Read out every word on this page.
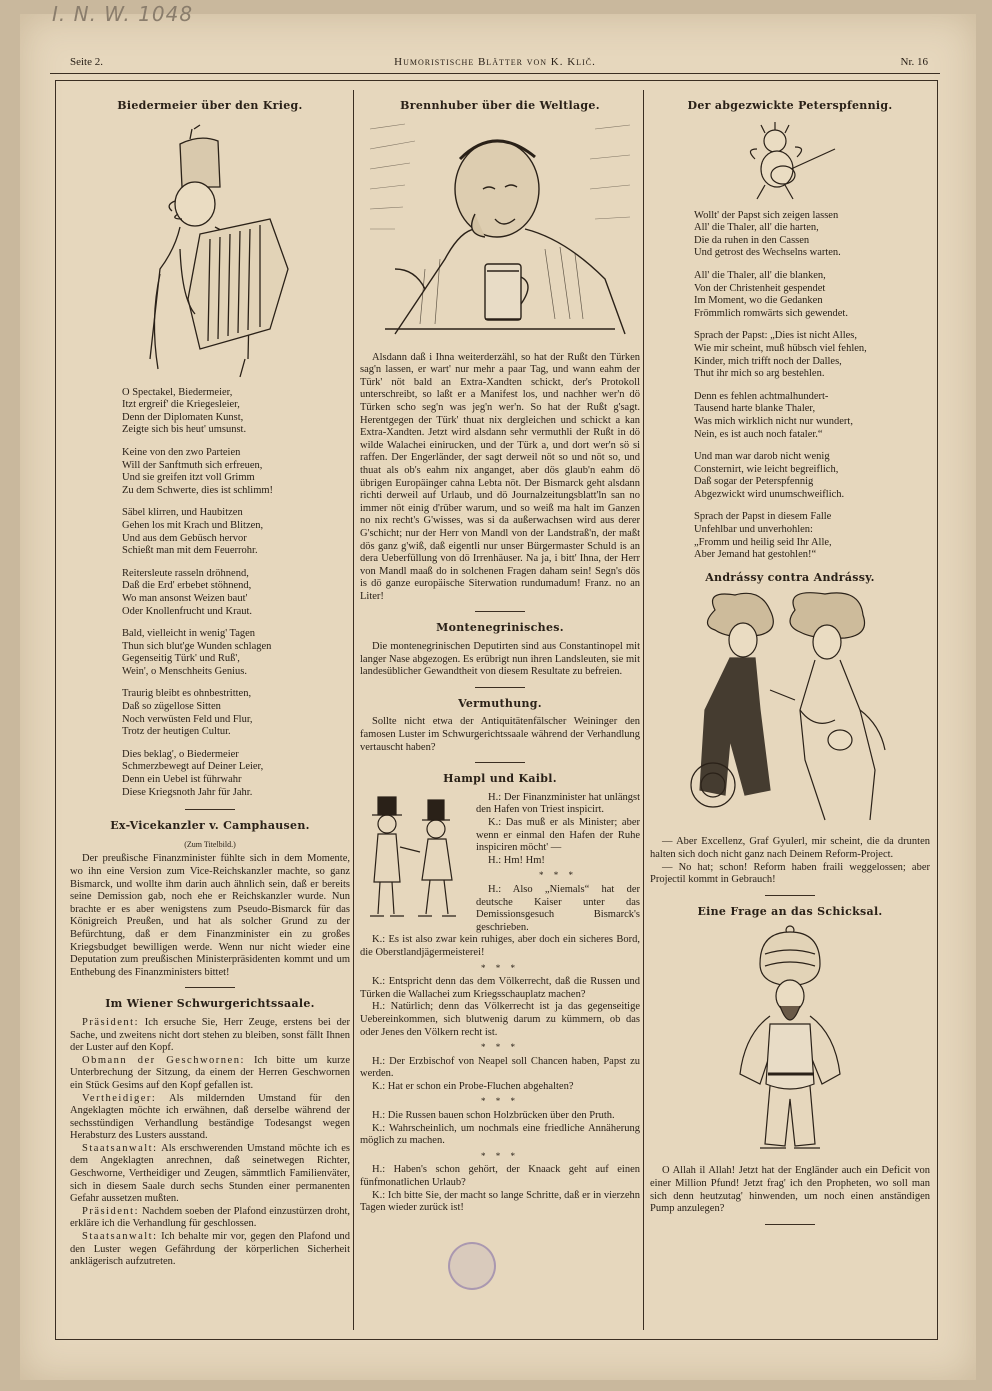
I. N. W. 1048
Seite 2.	Humoristische Blätter von K. Klič.	Nr. 16
Biedermeier über den Krieg.

O Spectakel, Biedermeier,

Itzt ergreif' die Kriegesleier,

Denn der Diplomaten Kunst,

Zeigte sich bis heut' umsunst.

Keine von den zwo Parteien

Will der Sanftmuth sich erfreuen,

Und sie greifen itzt voll Grimm

Zu dem Schwerte, dies ist schlimm!

Säbel klirren, und Haubitzen

Gehen los mit Krach und Blitzen,

Und aus dem Gebüsch hervor

Schießt man mit dem Feuerrohr.

Reitersleute rasseln dröhnend,

Daß die Erd' erbebet stöhnend,

Wo man ansonst Weizen baut'

Oder Knollenfrucht und Kraut.

Bald, vielleicht in wenig' Tagen

Thun sich blut'ge Wunden schlagen

Gegenseitig Türk' und Ruß',

Wein', o Menschheits Genius.

Traurig bleibt es ohnbestritten,

Daß so zügellose Sitten

Noch verwüsten Feld und Flur,

Trotz der heutigen Cultur.

Dies beklag', o Biedermeier

Schmerzbewegt auf Deiner Leier,

Denn ein Uebel ist führwahr

Diese Kriegsnoth Jahr für Jahr.

Ex-Vicekanzler v. Camphausen.
(Zum Titelbild.)

Der preußische Finanzminister fühlte sich in dem Momente, wo ihn eine Version zum Vice-Reichskanzler machte, so ganz Bismarck, und wollte ihm darin auch ähnlich sein, daß er bereits seine Demission gab, noch ehe er Reichskanzler wurde. Nun brachte er es aber wenigstens zum Pseudo-Bismarck für das Königreich Preußen, und hat als solcher Grund zu der Befürchtung, daß er dem Finanzminister ein zu großes Kriegsbudget bewilligen werde. Wenn nur nicht wieder eine Deputation zum preußischen Ministerpräsidenten kommt und um Enthebung des Finanzministers bittet!

Im Wiener Schwurgerichtssaale.

Präsident: Ich ersuche Sie, Herr Zeuge, erstens bei der Sache, und zweitens nicht dort stehen zu bleiben, sonst fällt Ihnen der Luster auf den Kopf.

Obmann der Geschwornen: Ich bitte um kurze Unterbrechung der Sitzung, da einem der Herren Geschwornen ein Stück Gesims auf den Kopf gefallen ist.

Vertheidiger: Als mildernden Umstand für den Angeklagten möchte ich erwähnen, daß derselbe während der sechsstündigen Verhandlung beständige Todesangst wegen Herabsturz des Lusters ausstand.

Staatsanwalt: Als erschwerenden Umstand möchte ich es dem Angeklagten anrechnen, daß seinetwegen Richter, Geschworne, Vertheidiger und Zeugen, sämmtlich Familienväter, sich in diesem Saale durch sechs Stunden einer permanenten Gefahr aussetzen mußten.

Präsident: Nachdem soeben der Plafond einzustürzen droht, erkläre ich die Verhandlung für geschlossen.

Staatsanwalt: Ich behalte mir vor, gegen den Plafond und den Luster wegen Gefährdung der körperlichen Sicherheit anklägerisch aufzutreten.

Brennhuber über die Weltlage.

Alsdann daß i Ihna weiterderzähl, so hat der Rußt den Türken sag'n lassen, er wart' nur mehr a paar Tag, und wann eahm der Türk' nöt bald an Extra-Xandten schickt, der's Protokoll unterschreibt, so laßt er a Manifest los, und nachher wer'n dö Türken scho seg'n was jeg'n wer'n. So hat der Rußt g'sagt. Herentgegen der Türk' thuat nix dergleichen und schickt a kan Extra-Xandten. Jetzt wird alsdann sehr vermuthli der Rußt in dö wilde Walachei einirucken, und der Türk a, und dort wer'n sö si raffen. Der Engerländer, der sagt derweil nöt so und nöt so, und thuat als ob's eahm nix anganget, aber dös glaub'n eahm dö übrigen Europäinger cahna Lebta nöt. Der Bismarck geht alsdann richti derweil auf Urlaub, und dö Journalzeitungsblatt'ln san no immer nöt einig d'rüber warum, und so weiß ma halt im Ganzen no nix recht's G'wisses, was si da außerwachsen wird aus derer G'schicht; nur der Herr von Mandl von der Landstraß'n, der maßt dös ganz g'wiß, daß eigentli nur unser Bürgermaster Schuld is an dera Ueberfüllung von dö Irrenhäuser. Na ja, i bitt' Ihna, der Herr von Mandl maaß do in solchenen Fragen daham sein! Segn's dös is dö ganze europäische Siterwation rundumadum! Franz. no an Liter!

Montenegrinisches.

Die montenegrinischen Deputirten sind aus Constantinopel mit langer Nase abgezogen. Es erübrigt nun ihren Landsleuten, sie mit landesüblicher Gewandtheit von diesem Resultate zu befreien.

Vermuthung.

Sollte nicht etwa der Antiquitätenfälscher Weininger den famosen Luster im Schwurgerichtssaale während der Verhandlung vertauscht haben?

Hampl und Kaibl.

H.: Der Finanzminister hat unlängst den Hafen von Triest inspicirt.

K.: Das muß er als Minister; aber wenn er einmal den Hafen der Ruhe inspiciren möcht' —

H.: Hm! Hm!

* * *

H.: Also „Niemals“ hat der deutsche Kaiser unter das Demissionsgesuch Bismarck's geschrieben.

K.: Es ist also zwar kein ruhiges, aber doch ein sicheres Bord, die Oberstlandjägermeisterei!

* * *

K.: Entspricht denn das dem Völkerrecht, daß die Russen und Türken die Wallachei zum Kriegsschauplatz machen?

H.: Natürlich; denn das Völkerrecht ist ja das gegenseitige Uebereinkommen, sich blutwenig darum zu kümmern, ob das oder Jenes den Völkern recht ist.

* * *

H.: Der Erzbischof von Neapel soll Chancen haben, Papst zu werden.

K.: Hat er schon ein Probe-Fluchen abgehalten?

* * *

H.: Die Russen bauen schon Holzbrücken über den Pruth.

K.: Wahrscheinlich, um nochmals eine friedliche Annäherung möglich zu machen.

* * *

H.: Haben's schon gehört, der Knaack geht auf einen fünfmonatlichen Urlaub?

K.: Ich bitte Sie, der macht so lange Schritte, daß er in vierzehn Tagen wieder zurück ist!

Der abgezwickte Peterspfennig.

Wollt' der Papst sich zeigen lassen

All' die Thaler, all' die harten,

Die da ruhen in den Cassen

Und getrost des Wechselns warten.

All' die Thaler, all' die blanken,

Von der Christenheit gespendet

Im Moment, wo die Gedanken

Frömmlich romwärts sich gewendet.

Sprach der Papst: „Dies ist nicht Alles,

Wie mir scheint, muß hübsch viel fehlen,

Kinder, mich trifft noch der Dalles,

Thut ihr mich so arg bestehlen.

Denn es fehlen achtmalhundert-

Tausend harte blanke Thaler,

Was mich wirklich nicht nur wundert,

Nein, es ist auch noch fataler.“

Und man war darob nicht wenig

Consternirt, wie leicht begreiflich,

Daß sogar der Peterspfennig

Abgezwickt wird unumschweiflich.

Sprach der Papst in diesem Falle

Unfehlbar und unverhohlen:

„Fromm und heilig seid Ihr Alle,

Aber Jemand hat gestohlen!“

Andrássy contra Andrássy.

— Aber Excellenz, Graf Gyulerl, mir scheint, die da drunten halten sich doch nicht ganz nach Deinem Reform-Project.

— No hat; schon! Reform haben fraili weggelossen; aber Projectil kommt in Gebrauch!

Eine Frage an das Schicksal.

O Allah il Allah! Jetzt hat der Engländer auch ein Deficit von einer Million Pfund! Jetzt frag' ich den Propheten, wo soll man sich denn heutzutag' hinwenden, um noch einen anständigen Pump anzulegen?
